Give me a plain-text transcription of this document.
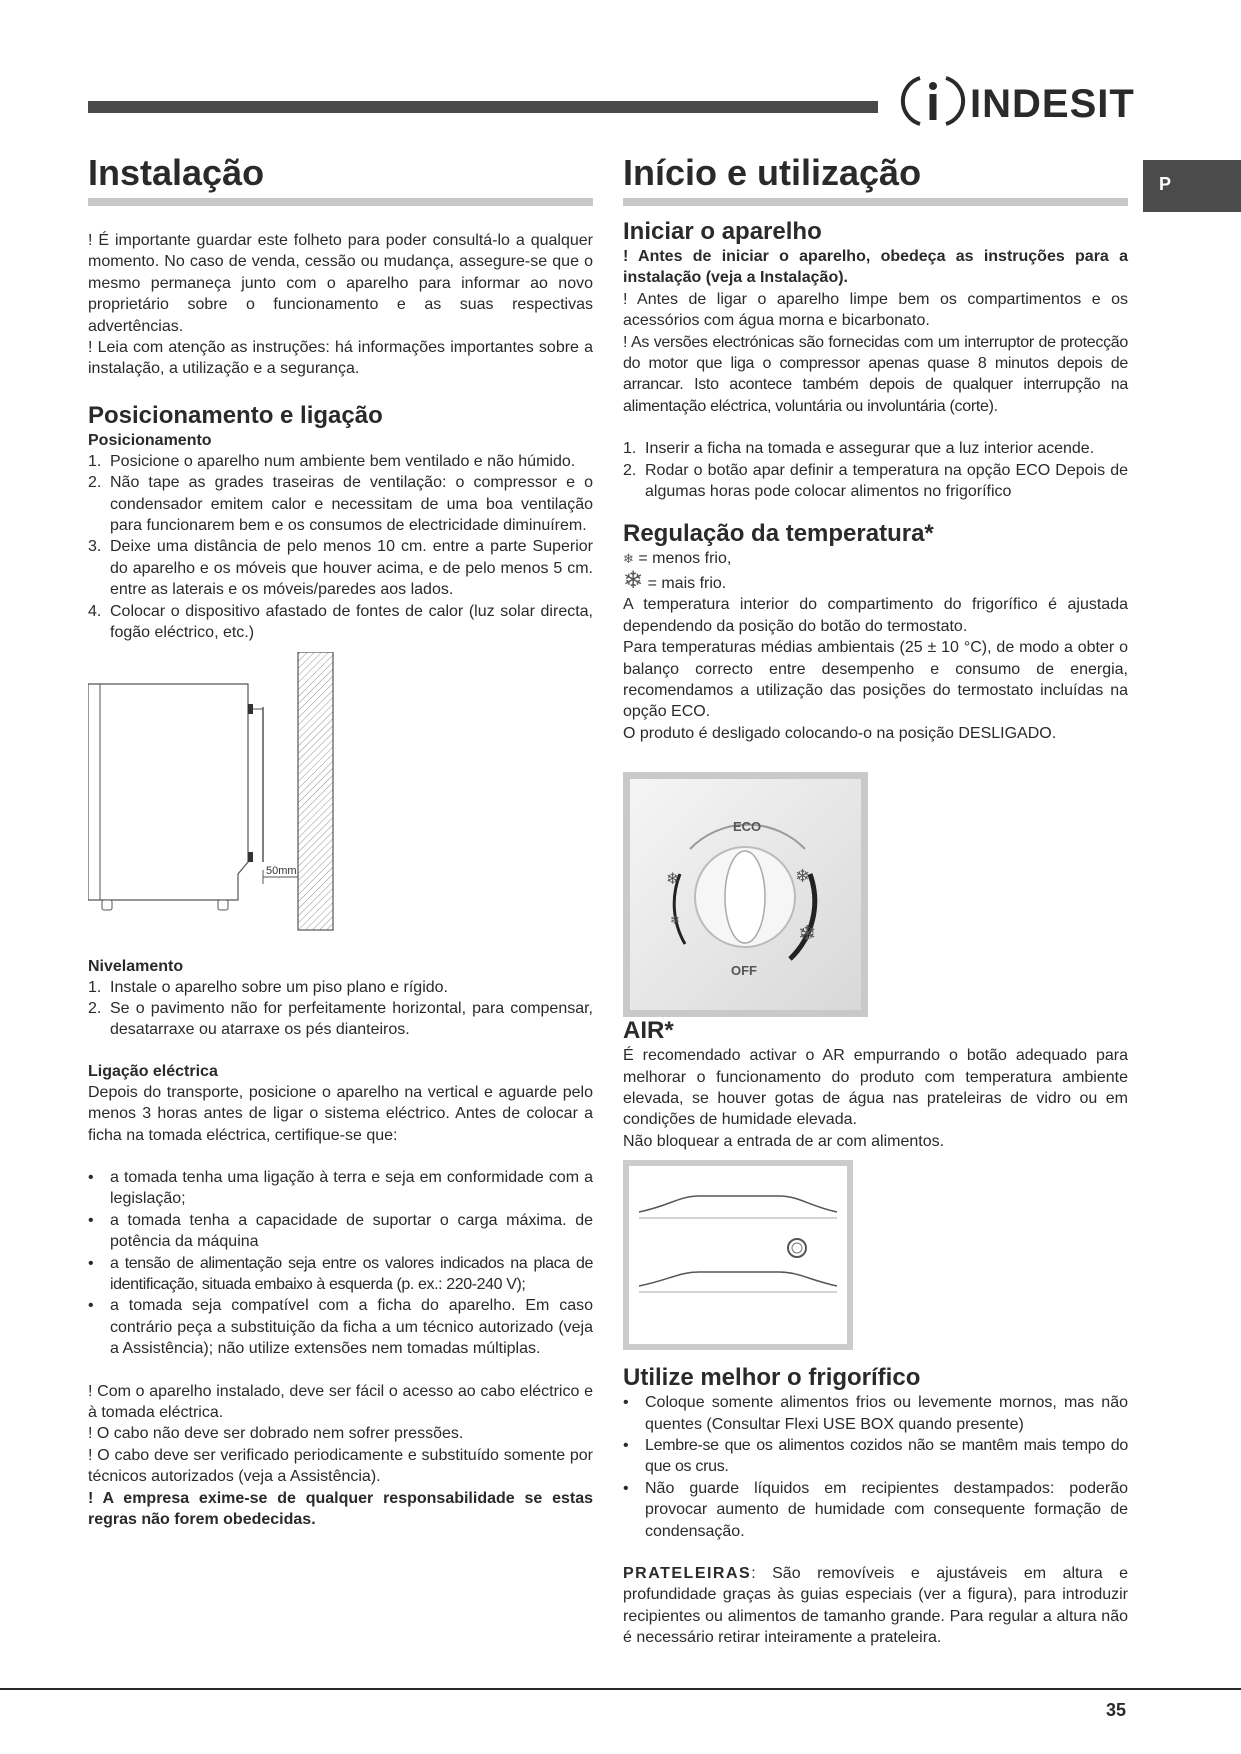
INDESIT
P
Instalação

! É importante guardar este folheto para poder consultá-lo a qualquer momento. No caso de venda, cessão ou mudança, assegure-se que o mesmo permaneça junto com o aparelho para informar ao novo proprietário sobre o funcionamento e as suas respectivas advertências.

! Leia com atenção as instruções: há informações importantes sobre a instalação, a utilização e a segurança.

Posicionamento e ligação
Posicionamento
1. Posicione o aparelho num ambiente bem ventilado e não húmido.
2. Não tape as grades traseiras de ventilação: o compressor e o condensador emitem calor e necessitam de uma boa ventilação para funcionarem bem e os consumos de electricidade diminuírem.
3. Deixe uma distância de pelo menos 10 cm. entre a parte Superior do aparelho e os móveis que houver acima, e de pelo menos 5 cm. entre as laterais e os móveis/paredes aos lados.
4. Colocar o dispositivo afastado de fontes de calor (luz solar directa, fogão eléctrico, etc.)
50mm
Nivelamento
1. Instale o aparelho sobre um piso plano e rígido.
2. Se o pavimento não for perfeitamente horizontal, para compensar, desatarraxe ou atarraxe os pés dianteiros.
Ligação eléctrica

Depois do transporte, posicione o aparelho na vertical e aguarde pelo menos 3 horas antes de ligar o sistema eléctrico. Antes de colocar a ficha na tomada eléctrica, certifique-se que:

• a tomada tenha uma ligação à terra e seja em conformidade com a legislação;
• a tomada tenha a capacidade de suportar o carga máxima. de potência da máquina
• a tensão de alimentação seja entre os valores indicados na placa de identificação, situada embaixo à esquerda (p. ex.: 220-240 V);
• a tomada seja compatível com a ficha do aparelho. Em caso contrário peça a substituição da ficha a um técnico autorizado (veja a Assistência); não utilize extensões nem tomadas múltiplas.

! Com o aparelho instalado, deve ser fácil o acesso ao cabo eléctrico e à tomada eléctrica.

! O cabo não deve ser dobrado nem sofrer pressões.

! O cabo deve ser verificado periodicamente e substituído somente por técnicos autorizados (veja a Assistência).

! A empresa exime-se de qualquer responsabilidade se estas regras não forem obedecidas.

Início e utilização
Iniciar o aparelho

! Antes de iniciar o aparelho, obedeça as instruções para a instalação (veja a Instalação).

! Antes de ligar o aparelho limpe bem os compartimentos e os acessórios com água morna e bicarbonato.

! As versões electrónicas são fornecidas com um interruptor de protecção do motor que liga o compressor apenas quase 8 minutos depois de arrancar. Isto acontece também depois de qualquer interrupção na alimentação eléctrica, voluntária ou involuntária (corte).

1. Inserir a ficha na tomada e assegurar que a luz interior acende.
2. Rodar o botão apar definir a temperatura na opção ECO Depois de algumas horas pode colocar alimentos no frigorífico
Regulação da temperatura*

❄ = menos frio,

❄ = mais frio.

A temperatura interior do compartimento do frigorífico é ajustada dependendo da posição do botão do termostato.

Para temperaturas médias ambientais (25 ± 10 °C), de modo a obter o balanço correcto entre desempenho e consumo de energia, recomendamos a utilização das posições do termostato incluídas na opção ECO.

O produto é desligado colocando-o na posição DESLIGADO.

ECO
OFF
❄
❄
❄
❄
AIR*

É recomendado activar o AR empurrando o botão adequado para melhorar o funcionamento do produto com temperatura ambiente elevada, se houver gotas de água nas prateleiras de vidro ou em condições de humidade elevada.

Não bloquear a entrada de ar com alimentos.

Utilize melhor o frigorífico
• Coloque somente alimentos frios ou levemente mornos, mas não quentes (Consultar Flexi USE BOX quando presente)
• Lembre-se que os alimentos cozidos não se mantêm mais tempo do que os crus.
• Não guarde líquidos em recipientes destampados: poderão provocar aumento de humidade com consequente formação de condensação.

PRATELEIRAS: São removíveis e ajustáveis em altura e profundidade graças às guias especiais (ver a figura), para introduzir recipientes ou alimentos de tamanho grande. Para regular a altura não é necessário retirar inteiramente a prateleira.

35
